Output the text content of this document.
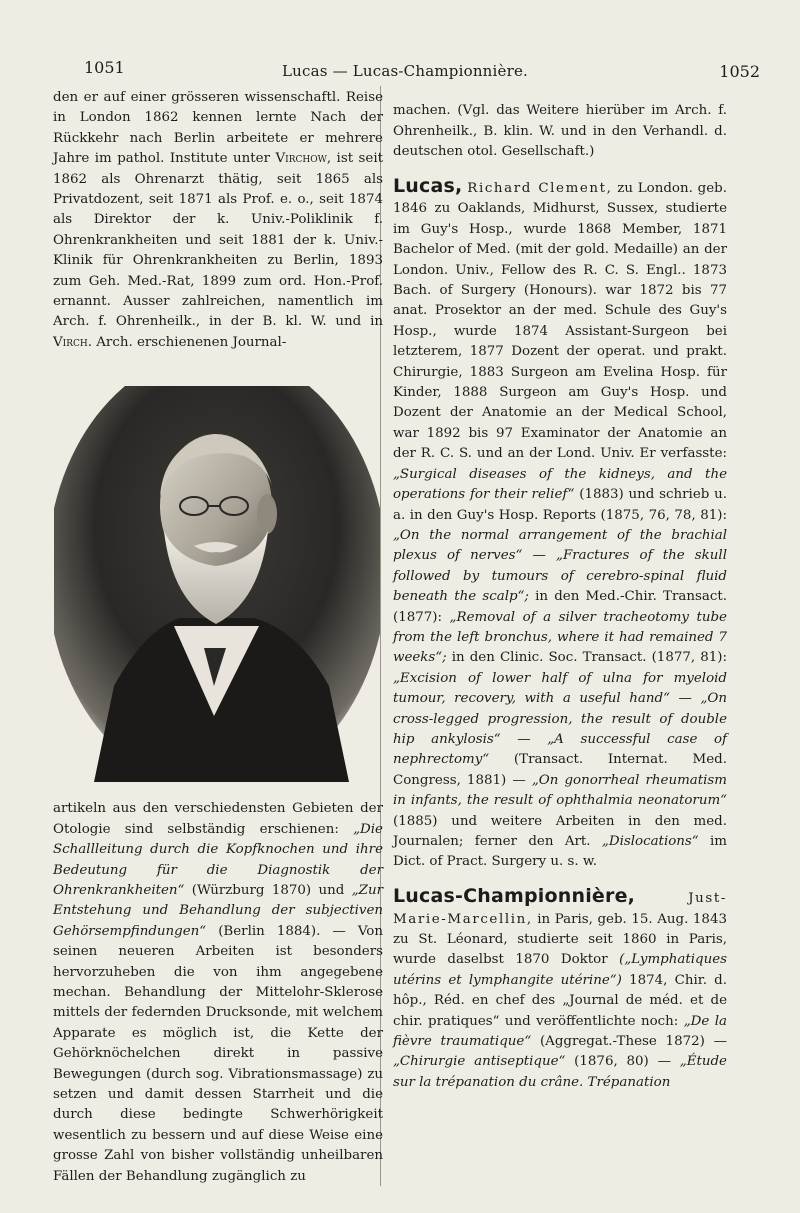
1051	Lucas — Lucas-Championnière.	1052

den er auf einer grösseren wissenschaftl. Reise in London 1862 kennen lernte Nach der Rückkehr nach Berlin arbeitete er mehrere Jahre im pathol. Institute unter Virchow, ist seit 1862 als Ohrenarzt thätig, seit 1865 als Privatdozent, seit 1871 als Prof. e. o., seit 1874 als Direktor der k. Univ.-Poliklinik f. Ohrenkrankheiten und seit 1881 der k. Univ.-Klinik für Ohrenkrankheiten zu Berlin, 1893 zum Geh. Med.-Rat, 1899 zum ord. Hon.-Prof. ernannt. Ausser zahlreichen, namentlich im Arch. f. Ohrenheilk., in der B. kl. W. und in Virch. Arch. erschienenen Journal-

artikeln aus den verschiedensten Gebieten der Otologie sind selbständig erschienen: „Die Schallleitung durch die Kopfknochen und ihre Bedeutung für die Diagnostik der Ohrenkrankheiten“ (Würzburg 1870) und „Zur Entstehung und Behandlung der subjectiven Gehörsempfindungen“ (Berlin 1884). — Von seinen neueren Arbeiten ist besonders hervorzuheben die von ihm angegebene mechan. Behandlung der Mittelohr-Sklerose mittels der federnden Drucksonde, mit welchem Apparate es möglich ist, die Kette der Gehörknöchelchen direkt in passive Bewegungen (durch sog. Vibrationsmassage) zu setzen und damit dessen Starrheit und die durch diese bedingte Schwerhörigkeit wesentlich zu bessern und auf diese Weise eine grosse Zahl von bisher vollständig unheilbaren Fällen der Behandlung zugänglich zu

machen. (Vgl. das Weitere hierüber im Arch. f. Ohrenheilk., B. klin. W. und in den Verhandl. d. deutschen otol. Gesellschaft.)

Lucas, Richard Clement, zu London. geb. 1846 zu Oaklands, Midhurst, Sussex, studierte im Guy's Hosp., wurde 1868 Member, 1871 Bachelor of Med. (mit der gold. Medaille) an der London. Univ., Fellow des R. C. S. Engl.. 1873 Bach. of Surgery (Honours). war 1872 bis 77 anat. Prosektor an der med. Schule des Guy's Hosp., wurde 1874 Assistant-Surgeon bei letzterem, 1877 Dozent der operat. und prakt. Chirurgie, 1883 Surgeon am Evelina Hosp. für Kinder, 1888 Surgeon am Guy's Hosp. und Dozent der Anatomie an der Medical School, war 1892 bis 97 Examinator der Anatomie an der R. C. S. und an der Lond. Univ. Er verfasste: „Surgical diseases of the kidneys, and the operations for their relief“ (1883) und schrieb u. a. in den Guy's Hosp. Reports (1875, 76, 78, 81): „On the normal arrangement of the brachial plexus of nerves“ — „Fractures of the skull followed by tumours of cerebro-spinal fluid beneath the scalp“; in den Med.-Chir. Transact. (1877): „Removal of a silver tracheotomy tube from the left bronchus, where it had remained 7 weeks“; in den Clinic. Soc. Transact. (1877, 81): „Excision of lower half of ulna for myeloid tumour, recovery, with a useful hand“ — „On cross-legged progression, the result of double hip ankylosis“ — „A successful case of nephrectomy“ (Transact. Internat. Med. Congress, 1881) — „On gonorrheal rheumatism in infants, the result of ophthalmia neonatorum“ (1885) und weitere Arbeiten in den med. Journalen; ferner den Art. „Dislocations“ im Dict. of Pract. Surgery u. s. w.

Lucas-Championnière,	Just-Marie-Marcellin, in Paris, geb. 15. Aug. 1843 zu St. Léonard, studierte seit 1860 in Paris, wurde daselbst 1870 Doktor („Lymphatiques utérins et lymphangite utérine“) 1874, Chir. d. hôp., Réd. en chef des „Journal de méd. et de chir. pratiques“ und veröffentlichte noch: „De la fièvre traumatique“ (Aggregat.-These 1872) — „Chirurgie antiseptique“ (1876, 80) — „Étude sur la trépanation du crâne. Trépanation
